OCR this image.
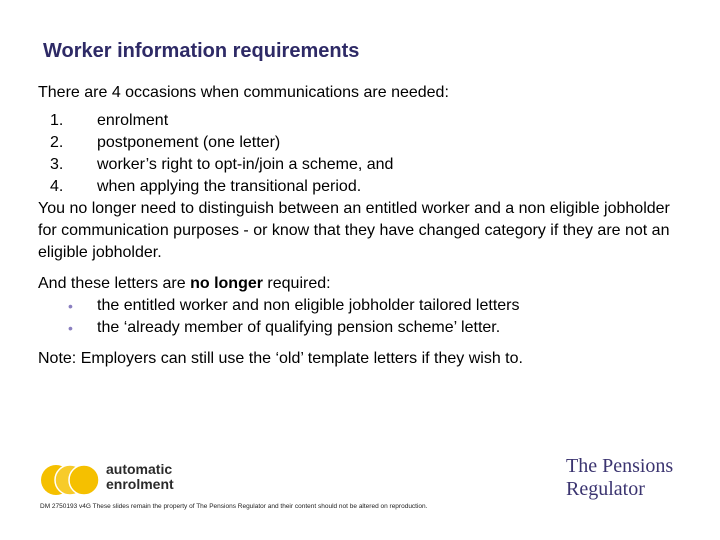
Worker information requirements

There are 4 occasions when communications are needed:

1.	enrolment
2.	postponement (one letter)
3.	worker’s right to opt-in/join a scheme, and
4.	when applying the transitional period.

You no longer need to distinguish between an entitled worker and a non eligible jobholder for communication purposes - or know that they have changed category if they are not an eligible jobholder.

And these letters are no longer required:

• the entitled worker and non eligible jobholder tailored letters
• the ‘already member of qualifying pension scheme’ letter.

Note: Employers can still use the ‘old’ template letters if they wish to.

automatic
enrolment
The Pensions
Regulator
DM 2750193 v4G These slides remain the property of The Pensions Regulator and their content should not be altered on reproduction.
